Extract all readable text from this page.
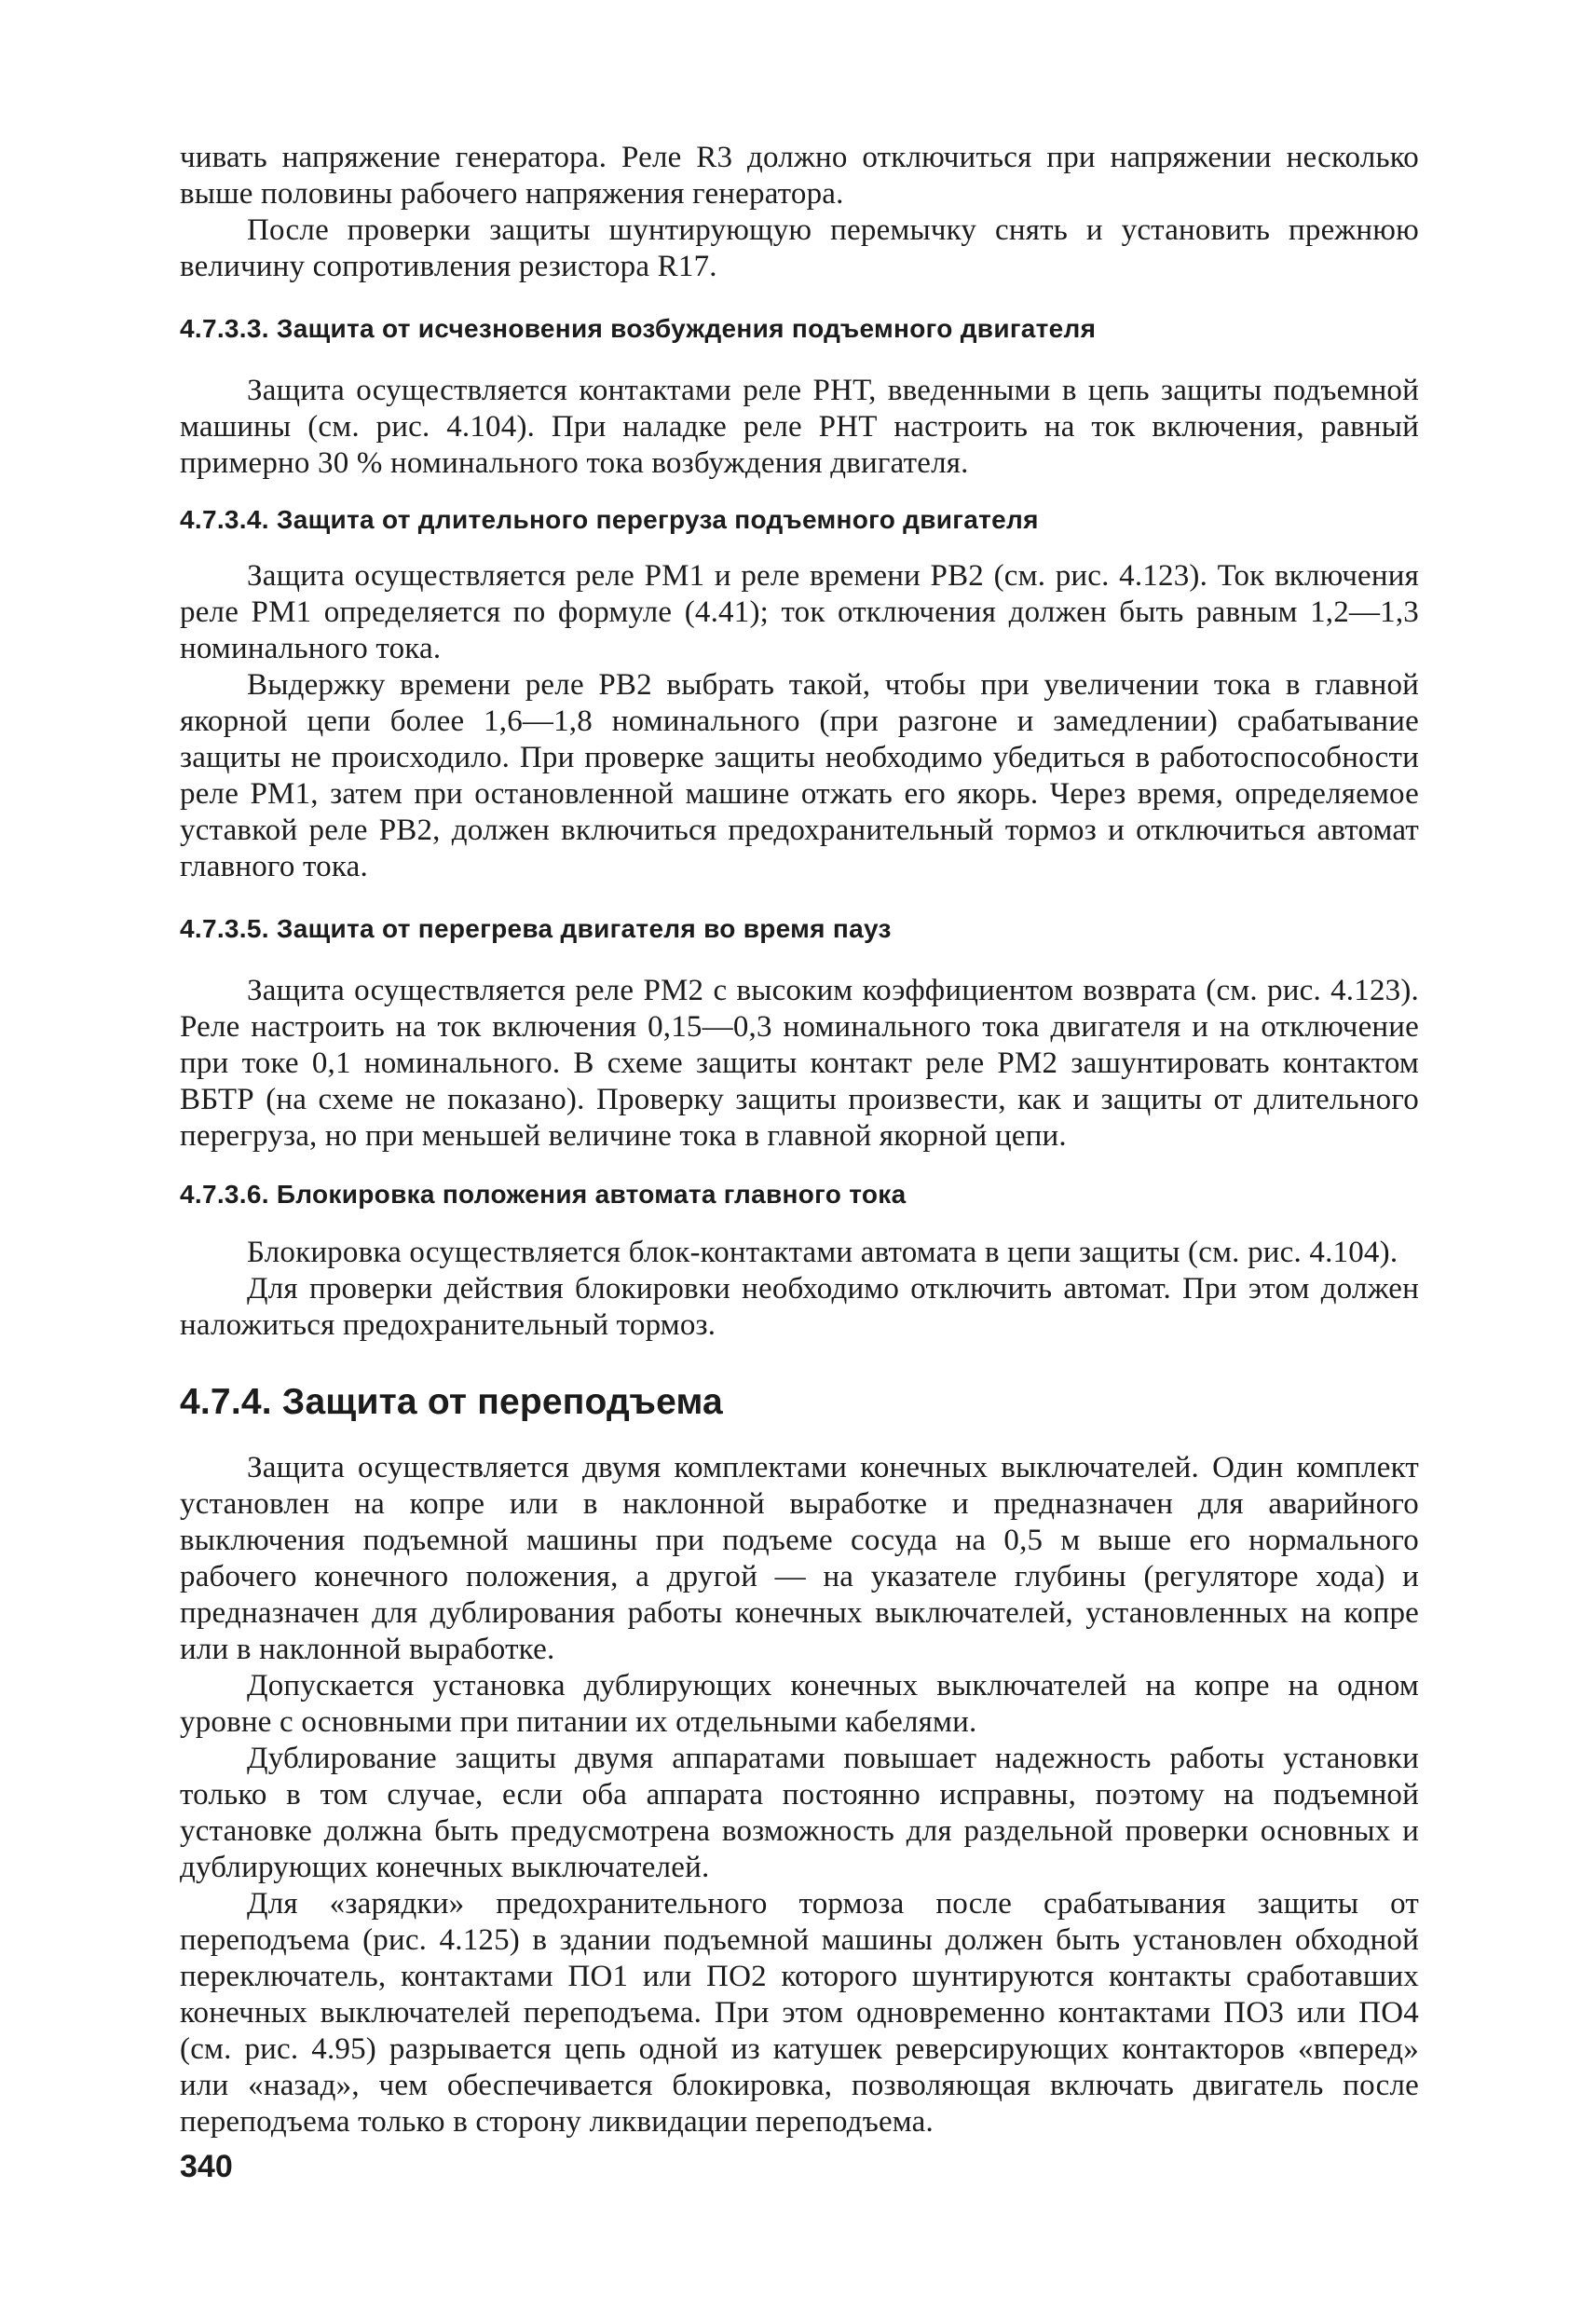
чивать напряжение генератора. Реле R3 должно отключиться при напряжении несколько выше половины рабочего напряжения генератора.

После проверки защиты шунтирующую перемычку снять и установить прежнюю величину сопротивления резистора R17.

4.7.3.3. Защита от исчезновения возбуждения подъемного двигателя

Защита осуществляется контактами реле РНТ, введенными в цепь защиты подъемной машины (см. рис. 4.104). При наладке реле РНТ настроить на ток включения, равный примерно 30 % номинального тока возбуждения двигателя.

4.7.3.4. Защита от длительного перегруза подъемного двигателя

Защита осуществляется реле РМ1 и реле времени РВ2 (см. рис. 4.123). Ток включения реле РМ1 определяется по формуле (4.41); ток отключения должен быть равным 1,2—1,3 номинального тока.

Выдержку времени реле РВ2 выбрать такой, чтобы при увеличении тока в главной якорной цепи более 1,6—1,8 номинального (при разгоне и замедлении) срабатывание защиты не происходило. При проверке защиты необходимо убедиться в работоспособности реле РМ1, затем при остановленной машине отжать его якорь. Через время, определяемое уставкой реле РВ2, должен включиться предохранительный тормоз и отключиться автомат главного тока.

4.7.3.5. Защита от перегрева двигателя во время пауз

Защита осуществляется реле РМ2 с высоким коэффициентом возврата (см. рис. 4.123). Реле настроить на ток включения 0,15—0,3 номинального тока двигателя и на отключение при токе 0,1 номинального. В схеме защиты контакт реле РМ2 зашунтировать контактом ВБТР (на схеме не показано). Проверку защиты произвести, как и защиты от длительного перегруза, но при меньшей величине тока в главной якорной цепи.

4.7.3.6. Блокировка положения автомата главного тока

Блокировка осуществляется блок-контактами автомата в цепи защиты (см. рис. 4.104).

Для проверки действия блокировки необходимо отключить автомат. При этом должен наложиться предохранительный тормоз.

4.7.4. Защита от переподъема

Защита осуществляется двумя комплектами конечных выключателей. Один комплект установлен на копре или в наклонной выработке и предназначен для аварийного выключения подъемной машины при подъеме сосуда на 0,5 м выше его нормального рабочего конечного положения, а другой — на указателе глубины (регуляторе хода) и предназначен для дублирования работы конечных выключателей, установленных на копре или в наклонной выработке.

Допускается установка дублирующих конечных выключателей на копре на одном уровне с основными при питании их отдельными кабелями.

Дублирование защиты двумя аппаратами повышает надежность работы установки только в том случае, если оба аппарата постоянно исправны, поэтому на подъемной установке должна быть предусмотрена возможность для раздельной проверки основных и дублирующих конечных выключателей.

Для «зарядки» предохранительного тормоза после срабатывания защиты от переподъема (рис. 4.125) в здании подъемной машины должен быть установлен обходной переключатель, контактами ПО1 или ПО2 которого шунтируются контакты сработавших конечных выключателей переподъема. При этом одновременно контактами ПО3 или ПО4 (см. рис. 4.95) разрывается цепь одной из катушек реверсирующих контакторов «вперед» или «назад», чем обеспечивается блокировка, позволяющая включать двигатель после переподъема только в сторону ликвидации переподъема.

340
